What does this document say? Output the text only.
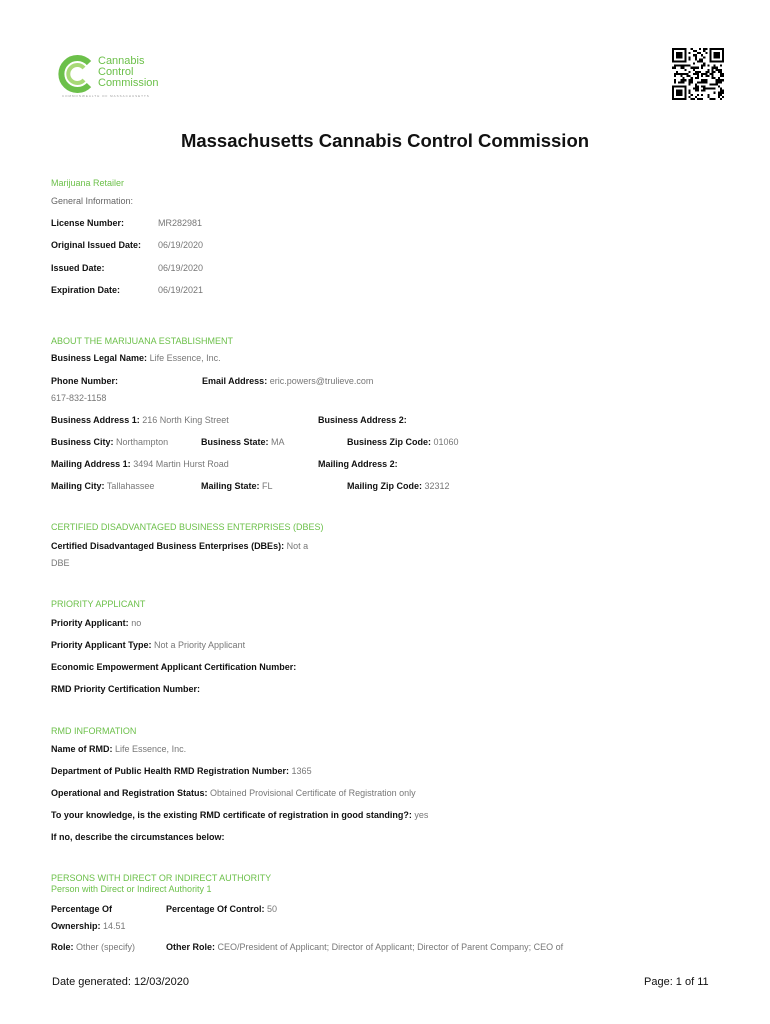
Cannabis
Control
Commission
COMMONWEALTH OF MASSACHUSETTS
Massachusetts Cannabis Control Commission
Marijuana Retailer
General Information:
License Number:	MR282981
Original Issued Date: 06/19/2020
Issued Date:	06/19/2020
Expiration Date:	06/19/2021
ABOUT THE MARIJUANA ESTABLISHMENT
Business Legal Name: Life Essence, Inc.
Phone Number:	Email Address: eric.powers@trulieve.com
617-832-1158
Business Address 1: 216 North King Street	Business Address 2:
Business City: Northampton	Business State: MA	Business Zip Code: 01060
Mailing Address 1: 3494 Martin Hurst Road	Mailing Address 2:
Mailing City: Tallahassee	Mailing State: FL	Mailing Zip Code: 32312
CERTIFIED DISADVANTAGED BUSINESS ENTERPRISES (DBES)
Certified Disadvantaged Business Enterprises (DBEs): Not a
DBE
PRIORITY APPLICANT
Priority Applicant: no
Priority Applicant Type: Not a Priority Applicant
Economic Empowerment Applicant Certification Number:
RMD Priority Certification Number:
RMD INFORMATION
Name of RMD: Life Essence, Inc.
Department of Public Health RMD Registration Number: 1365
Operational and Registration Status: Obtained Provisional Certificate of Registration only
To your knowledge, is the existing RMD certificate of registration in good standing?: yes
If no, describe the circumstances below:
PERSONS WITH DIRECT OR INDIRECT AUTHORITY
Person with Direct or Indirect Authority 1
Percentage Of
Ownership: 14.51
Percentage Of Control: 50
Role: Other (specify)	Other Role: CEO/President of Applicant; Director of Applicant; Director of Parent Company; CEO of
Date generated: 12/03/2020	Page: 1 of 11
